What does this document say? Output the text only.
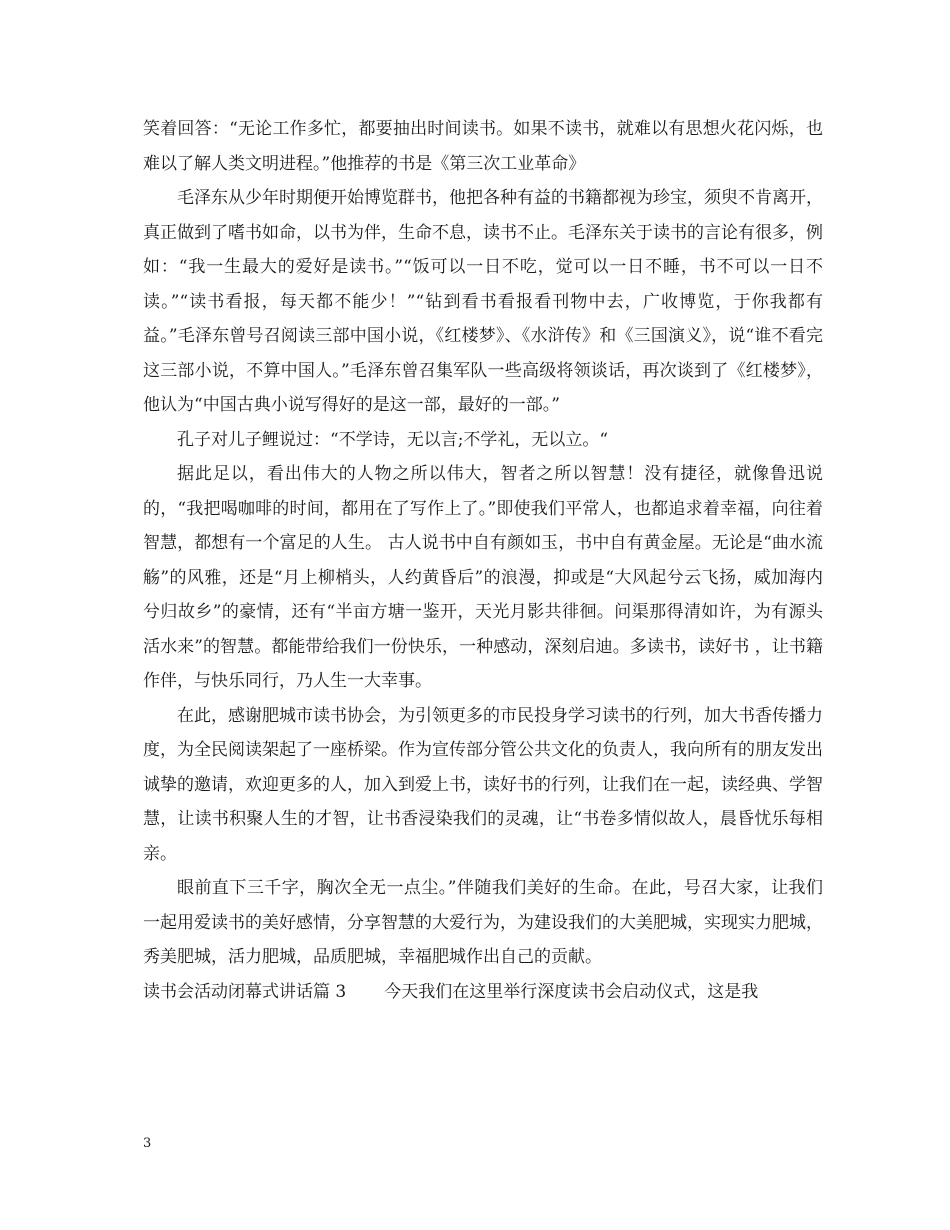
笑着回答：“无论工作多忙，都要抽出时间读书。如果不读书，就难以有思想火花闪烁，也难以了解人类文明进程。”他推荐的书是《第三次工业革命》

毛泽东从少年时期便开始博览群书，他把各种有益的书籍都视为珍宝，须臾不肯离开，真正做到了嗜书如命，以书为伴，生命不息，读书不止。毛泽东关于读书的言论有很多，例如：“我一生最大的爱好是读书。”“饭可以一日不吃，觉可以一日不睡，书不可以一日不读。”“读书看报，每天都不能少！”“钻到看书看报看刊物中去，广收博览，于你我都有益。”毛泽东曾号召阅读三部中国小说，《红楼梦》、《水浒传》和《三国演义》，说“谁不看完这三部小说，不算中国人。”毛泽东曾召集军队一些高级将领谈话，再次谈到了《红楼梦》，他认为“中国古典小说写得好的是这一部，最好的一部。”

孔子对儿子鲤说过：“不学诗，无以言;不学礼，无以立。“

据此足以，看出伟大的人物之所以伟大，智者之所以智慧！没有捷径，就像鲁迅说的，“我把喝咖啡的时间，都用在了写作上了。”即使我们平常人，也都追求着幸福，向往着智慧，都想有一个富足的人生。 古人说书中自有颜如玉，书中自有黄金屋。无论是“曲水流觞”的风雅，还是“月上柳梢头，人约黄昏后”的浪漫，抑或是“大风起兮云飞扬，威加海内兮归故乡”的豪情，还有“半亩方塘一鉴开，天光月影共徘徊。问渠那得清如许，为有源头活水来”的智慧。都能带给我们一份快乐，一种感动，深刻启迪。多读书，读好书 ，让书籍作伴，与快乐同行，乃人生一大幸事。

在此，感谢肥城市读书协会，为引领更多的市民投身学习读书的行列，加大书香传播力度，为全民阅读架起了一座桥梁。作为宣传部分管公共文化的负责人，我向所有的朋友发出诚挚的邀请，欢迎更多的人，加入到爱上书，读好书的行列，让我们在一起，读经典、学智慧，让读书积聚人生的才智，让书香浸染我们的灵魂，让“书卷多情似故人，晨昏忧乐每相亲。

眼前直下三千字，胸次全无一点尘。”伴随我们美好的生命。在此，号召大家，让我们一起用爱读书的美好感情，分享智慧的大爱行为，为建设我们的大美肥城，实现实力肥城，秀美肥城，活力肥城，品质肥城，幸福肥城作出自己的贡献。

读书会活动闭幕式讲话篇 3 今天我们在这里举行深度读书会启动仪式，这是我

3
